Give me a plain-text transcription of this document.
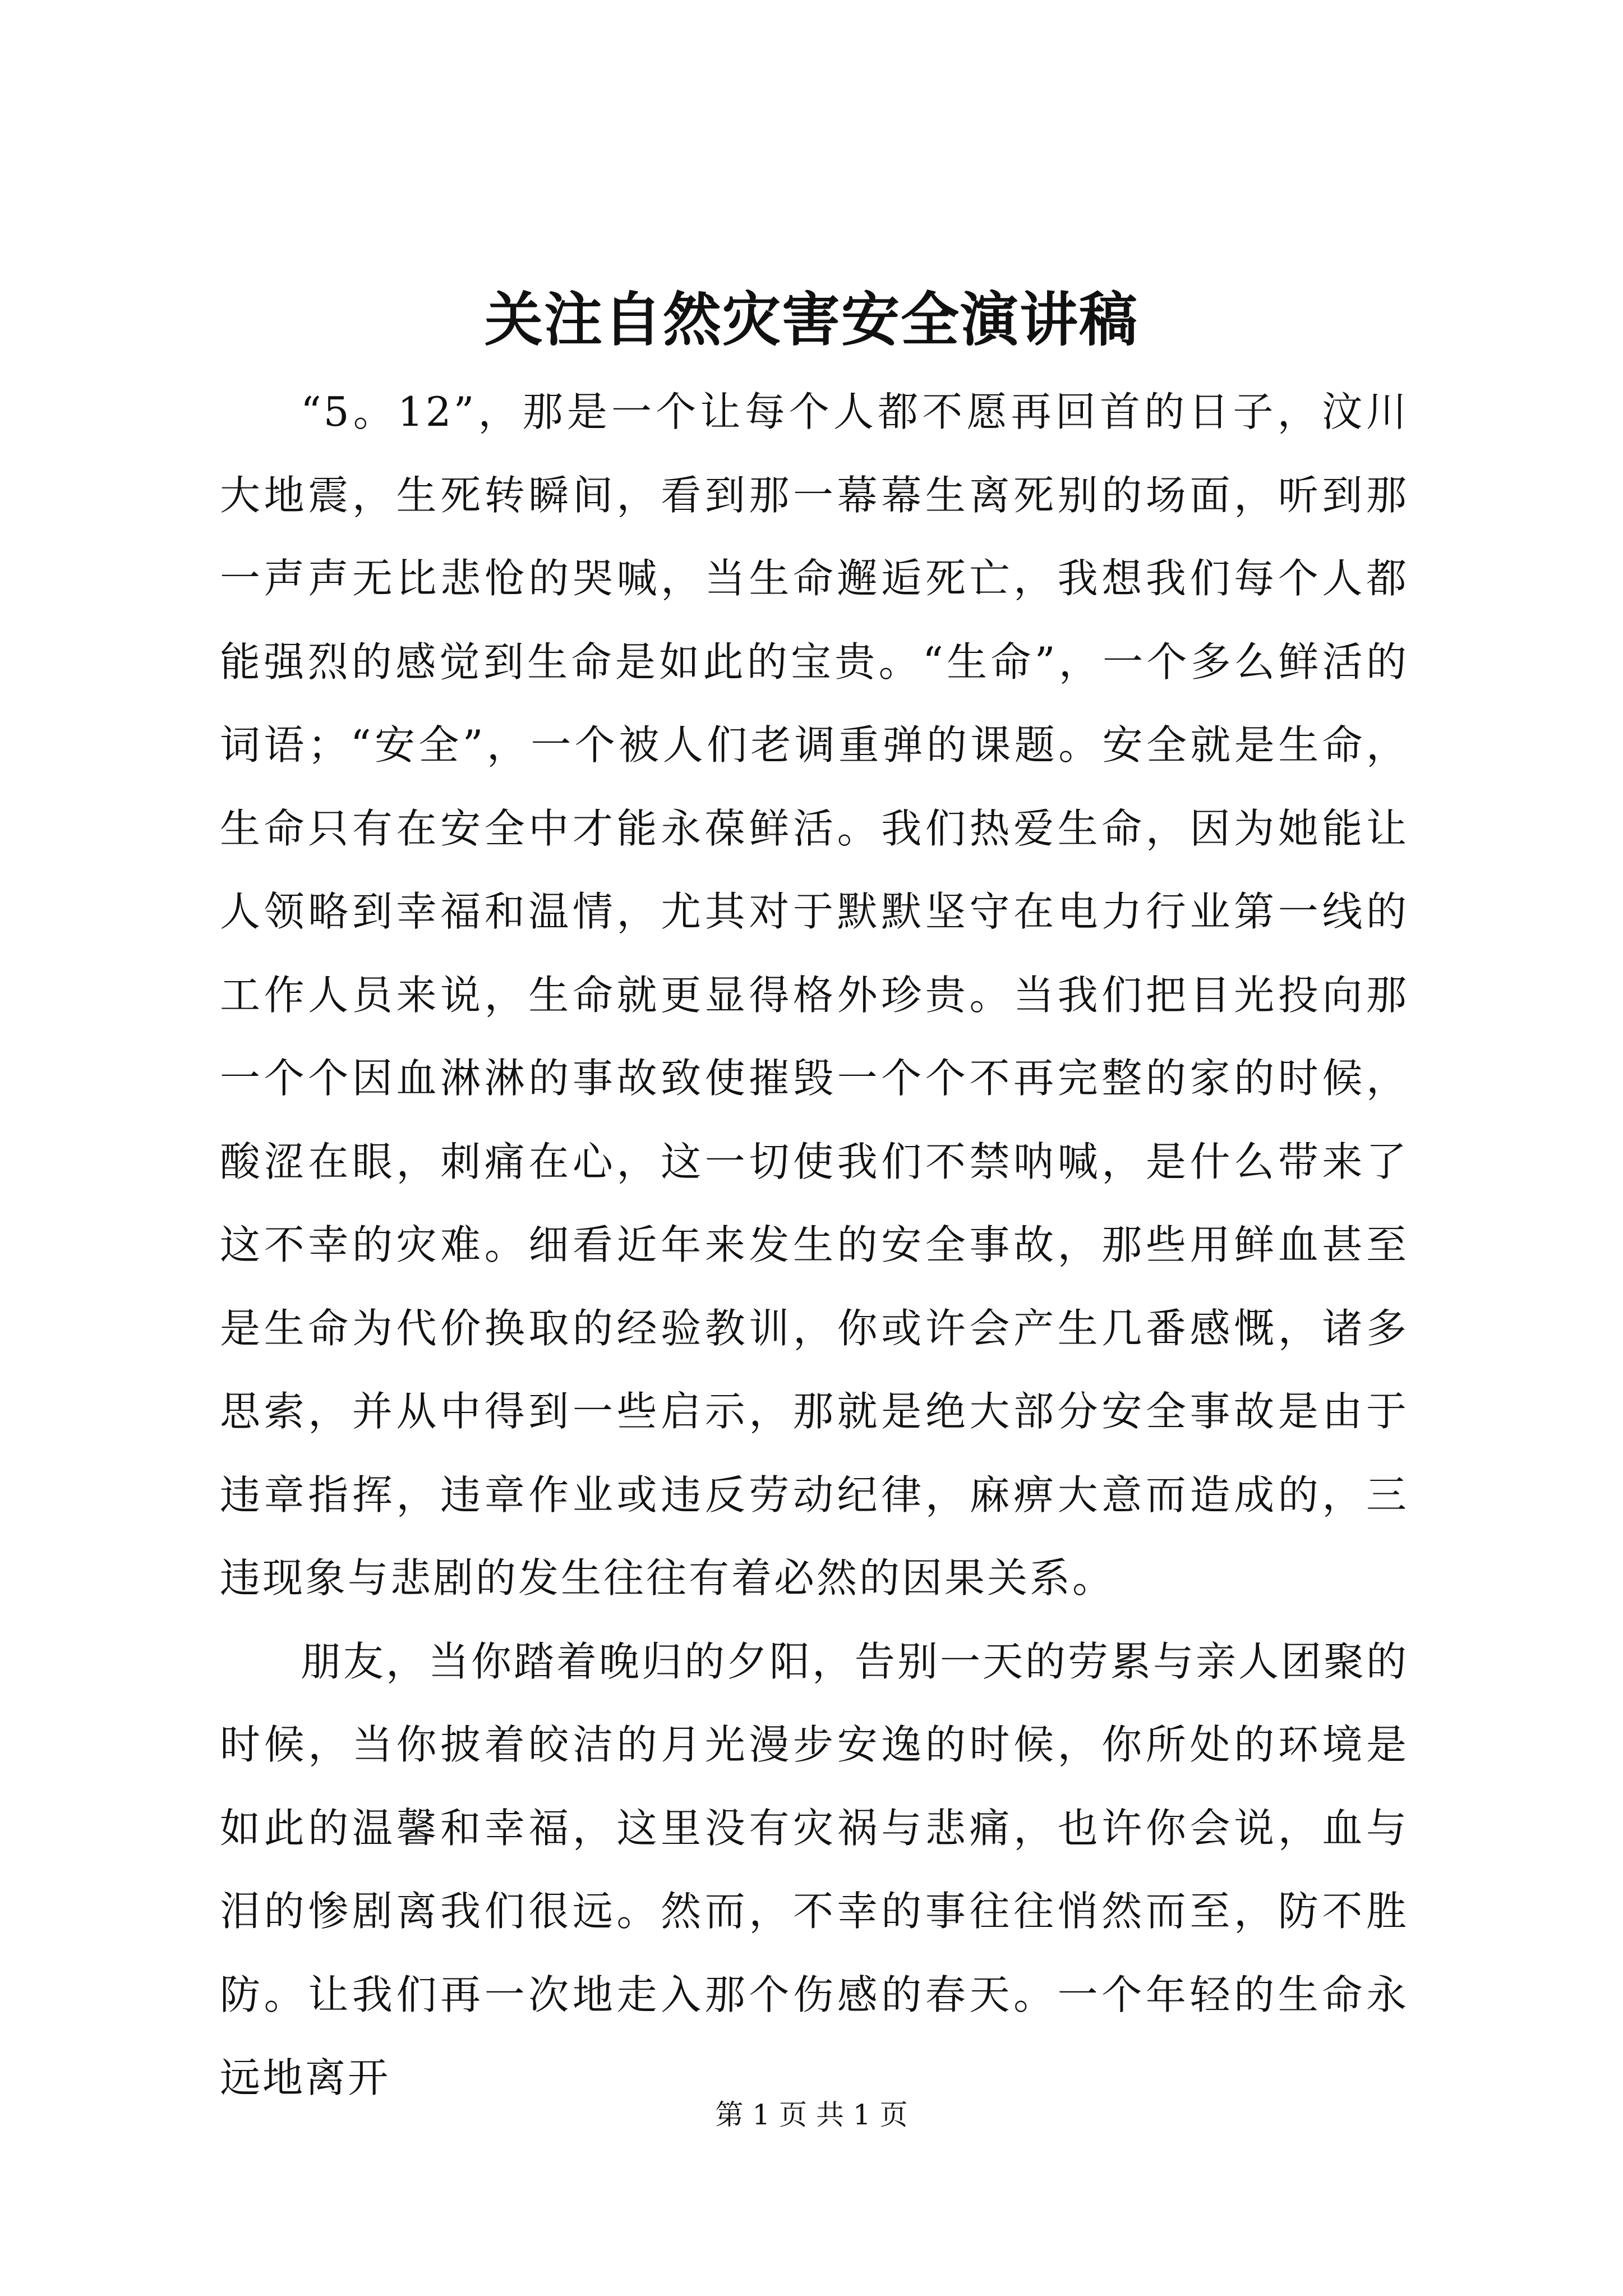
关注自然灾害安全演讲稿

“5。12”，那是一个让每个人都不愿再回首的日子，汶川大地震，生死转瞬间，看到那一幕幕生离死别的场面，听到那一声声无比悲怆的哭喊，当生命邂逅死亡，我想我们每个人都能强烈的感觉到生命是如此的宝贵。“生命”，一个多么鲜活的词语；“安全”，一个被人们老调重弹的课题。安全就是生命，生命只有在安全中才能永葆鲜活。我们热爱生命，因为她能让人领略到幸福和温情，尤其对于默默坚守在电力行业第一线的工作人员来说，生命就更显得格外珍贵。当我们把目光投向那一个个因血淋淋的事故致使摧毁一个个不再完整的家的时候，酸涩在眼，刺痛在心，这一切使我们不禁呐喊，是什么带来了这不幸的灾难。细看近年来发生的安全事故，那些用鲜血甚至是生命为代价换取的经验教训，你或许会产生几番感慨，诸多思索，并从中得到一些启示，那就是绝大部分安全事故是由于违章指挥，违章作业或违反劳动纪律，麻痹大意而造成的，三违现象与悲剧的发生往往有着必然的因果关系。

朋友，当你踏着晚归的夕阳，告别一天的劳累与亲人团聚的时候，当你披着皎洁的月光漫步安逸的时候，你所处的环境是如此的温馨和幸福，这里没有灾祸与悲痛，也许你会说，血与泪的惨剧离我们很远。然而，不幸的事往往悄然而至，防不胜防。让我们再一次地走入那个伤感的春天。一个年轻的生命永远地离开

第 1 页 共 1 页
